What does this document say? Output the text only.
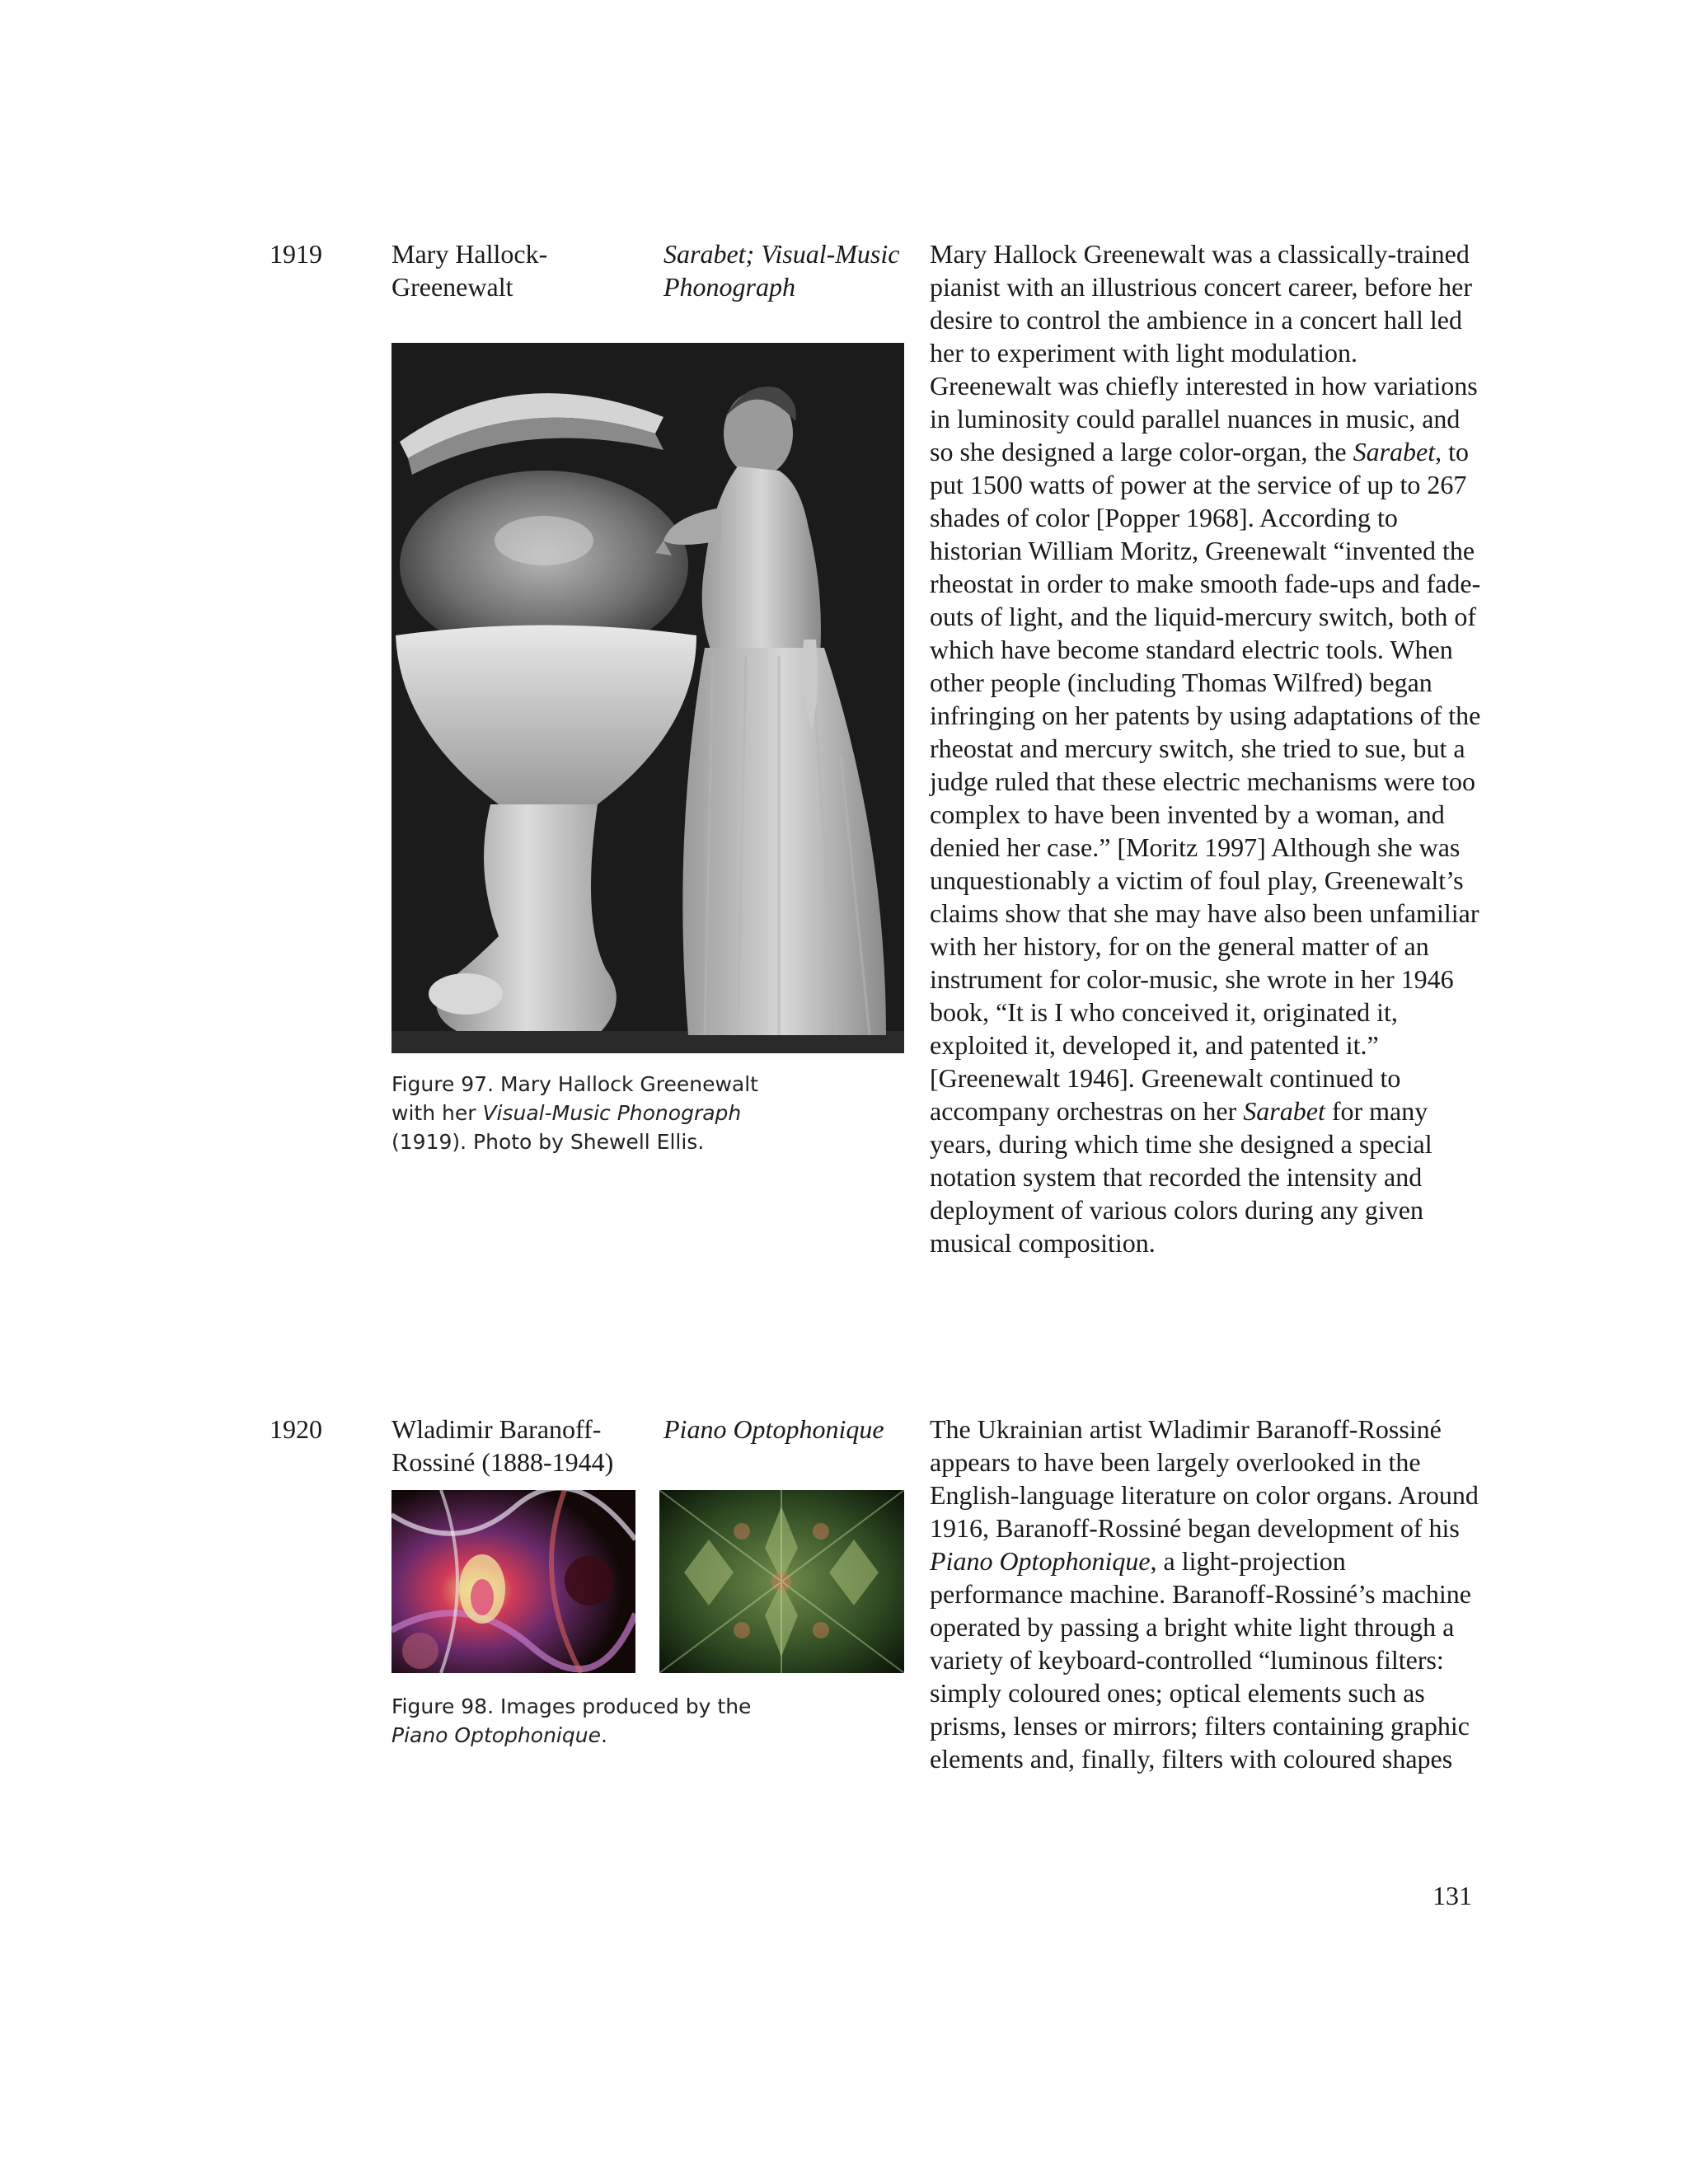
1919	Mary Hallock-
Greenewalt
Sarabet; Visual-Music
Phonograph
Figure 97. Mary Hallock Greenewalt with her Visual-Music Phonograph (1919). Photo by Shewell Ellis.

Mary Hallock Greenewalt was a classically-trained pianist with an illustrious concert career, before her desire to control the ambience in a concert hall led her to experiment with light modulation. Greenewalt was chiefly interested in how variations in luminosity could parallel nuances in music, and so she designed a large color-organ, the Sarabet, to put 1500 watts of power at the service of up to 267 shades of color [Popper 1968]. According to historian William Moritz, Greenewalt “invented the rheostat in order to make smooth fade-ups and fade-outs of light, and the liquid-mercury switch, both of which have become standard electric tools. When other people (including Thomas Wilfred) began infringing on her patents by using adaptations of the rheostat and mercury switch, she tried to sue, but a judge ruled that these electric mechanisms were too complex to have been invented by a woman, and denied her case.” [Moritz 1997] Although she was unquestionably a victim of foul play, Greenewalt’s claims show that she may have also been unfamiliar with her history, for on the general matter of an instrument for color-music, she wrote in her 1946 book, “It is I who conceived it, originated it, exploited it, developed it, and patented it.” [Greenewalt 1946]. Greenewalt continued to accompany orchestras on her Sarabet for many years, during which time she designed a special notation system that recorded the intensity and deployment of various colors during any given musical composition.

1920	Wladimir Baranoff-
Rossiné (1888-1944)
Piano Optophonique
Figure 98. Images produced by the Piano Optophonique.

The Ukrainian artist Wladimir Baranoff-Rossiné appears to have been largely overlooked in the English-language literature on color organs. Around 1916, Baranoff-Rossiné began development of his Piano Optophonique, a light-projection performance machine. Baranoff-Rossiné’s machine operated by passing a bright white light through a variety of keyboard-controlled “luminous filters: simply coloured ones; optical elements such as prisms, lenses or mirrors; filters containing graphic elements and, finally, filters with coloured shapes

131
